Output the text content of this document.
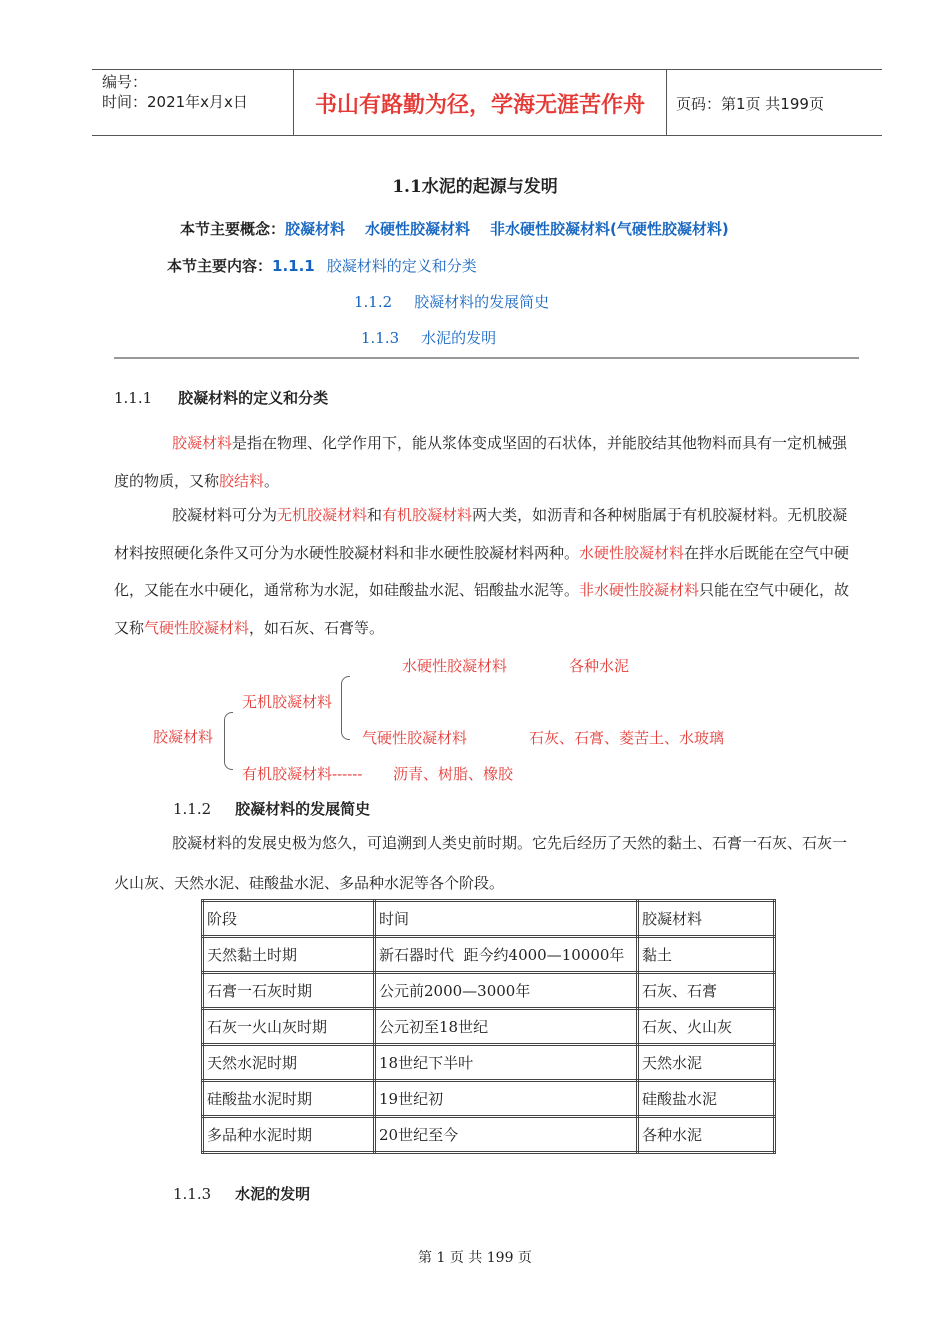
编号：
时间：2021年x月x日	书山有路勤为径，学海无涯苦作舟	页码：第1页 共199页
1.1水泥的起源与发明
本节主要概念：胶凝材料 水硬性胶凝材料 非水硬性胶凝材料(气硬性胶凝材料)
本节主要内容：1.1.1 胶凝材料的定义和分类
1.1.2 胶凝材料的发展简史
1.1.3 水泥的发明
1.1.1 胶凝材料的定义和分类
胶凝材料是指在物理、化学作用下，能从浆体变成坚固的石状体，并能胶结其他物料而具有一定机械强度的物质，又称胶结料。
胶凝材料可分为无机胶凝材料和有机胶凝材料两大类，如沥青和各种树脂属于有机胶凝材料。无机胶凝材料按照硬化条件又可分为水硬性胶凝材料和非水硬性胶凝材料两种。水硬性胶凝材料在拌水后既能在空气中硬化，又能在水中硬化，通常称为水泥，如硅酸盐水泥、铝酸盐水泥等。非水硬性胶凝材料只能在空气中硬化，故又称气硬性胶凝材料，如石灰、石膏等。
胶凝材料
无机胶凝材料
水硬性胶凝材料	各种水泥
气硬性胶凝材料	石灰、石膏、菱苦土、水玻璃
有机胶凝材料------ 沥青、树脂、橡胶
1.1.2 胶凝材料的发展简史
胶凝材料的发展史极为悠久，可追溯到人类史前时期。它先后经历了天然的黏土、石膏一石灰、石灰一火山灰、天然水泥、硅酸盐水泥、多品种水泥等各个阶段。
阶段	时间	胶凝材料
天然黏土时期	新石器时代  距今约4000—10000年	黏土
石膏一石灰时期	公元前2000—3000年	石灰、石膏
石灰一火山灰时期	公元初至18世纪	石灰、火山灰
天然水泥时期	18世纪下半叶	天然水泥
硅酸盐水泥时期	19世纪初	硅酸盐水泥
多品种水泥时期	20世纪至今	各种水泥
1.1.3 水泥的发明
第 1 页 共 199 页
